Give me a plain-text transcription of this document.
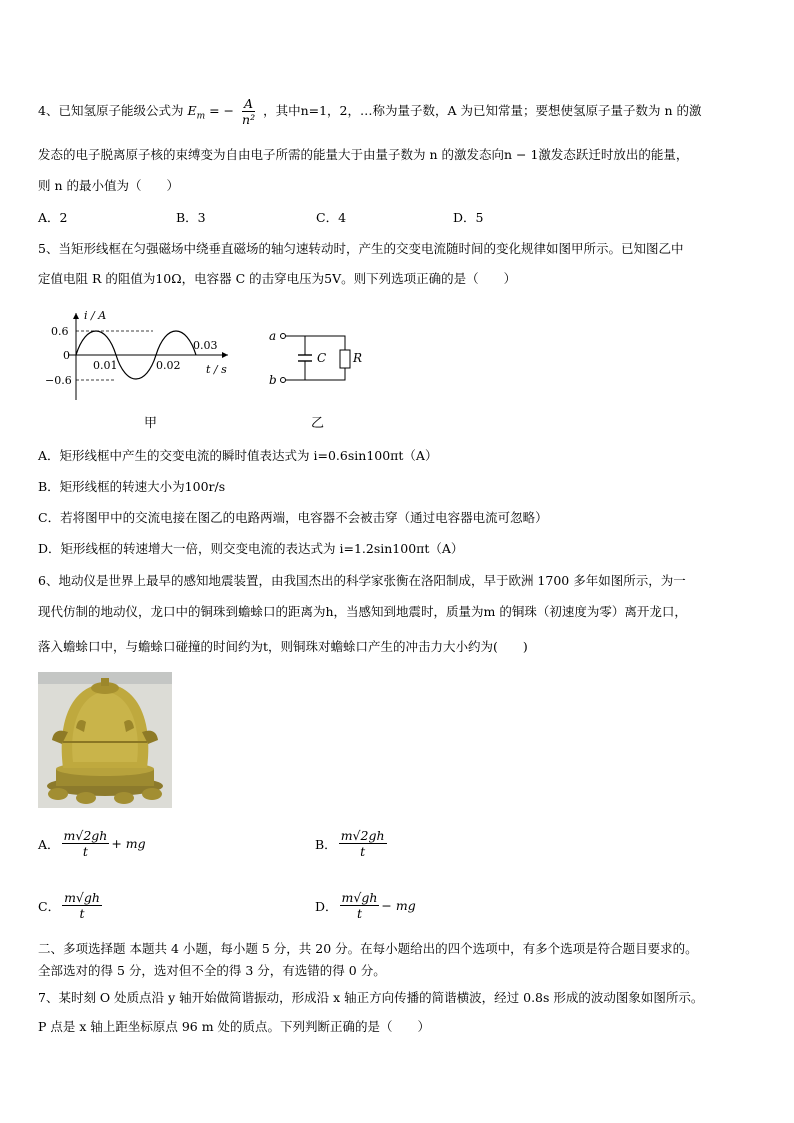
4、已知氢原子能级公式为 $E_m$ = − $\frac{A}{\text{n²}}$ ，其中n=1，2，…称为量子数，A 为已知常量；要想使氢原子量子数为 n 的激
发态的电子脱离原子核的束缚变为自由电子所需的能量大于由量子数为 n 的激发态向n − 1激发态跃迁时放出的能量，
则 n 的最小值为（　　）
A．2	B．3	C．4	D．5
5、当矩形线框在匀强磁场中绕垂直磁场的轴匀速转动时，产生的交变电流随时间的变化规律如图甲所示。已知图乙中
定值电阻 R 的阻值为10Ω，电容器 C 的击穿电压为5V。则下列选项正确的是（　　）
i / A
0.6
0
−0.6
0.01	0.02
0.03
t / s
甲
a
b
C R
乙
A．矩形线框中产生的交变电流的瞬时值表达式为 i=0.6sin100πt（A）
B．矩形线框的转速大小为100r/s
C．若将图甲中的交流电接在图乙的电路两端，电容器不会被击穿（通过电容器电流可忽略）
D．矩形线框的转速增大一倍，则交变电流的表达式为 i=1.2sin100πt（A）
6、地动仪是世界上最早的感知地震装置，由我国杰出的科学家张衡在洛阳制成，早于欧洲 1700 多年如图所示，为一
现代仿制的地动仪，龙口中的铜珠到蟾蜍口的距离为h，当感知到地震时，质量为m 的铜珠（初速度为零）离开龙口，
落入蟾蜍口中，与蟾蜍口碰撞的时间约为t，则铜珠对蟾蜍口产生的冲击力大小约为(　　)
A． $\frac{m√2gh}{t}$ + mg	B． $\frac{m√2gh}{t}$
C． $\frac{m√gh}{t}$	D． $\frac{m√gh}{t}$ − mg
二、多项选择题 本题共 4 小题，每小题 5 分，共 20 分。在每小题给出的四个选项中，有多个选项是符合题目要求的。
全部选对的得 5 分，选对但不全的得 3 分，有选错的得 0 分。
7、某时刻 O 处质点沿 y 轴开始做简谐振动，形成沿 x 轴正方向传播的简谐横波，经过 0.8s 形成的波动图象如图所示。
P 点是 x 轴上距坐标原点 96 m 处的质点。下列判断正确的是（　　）
